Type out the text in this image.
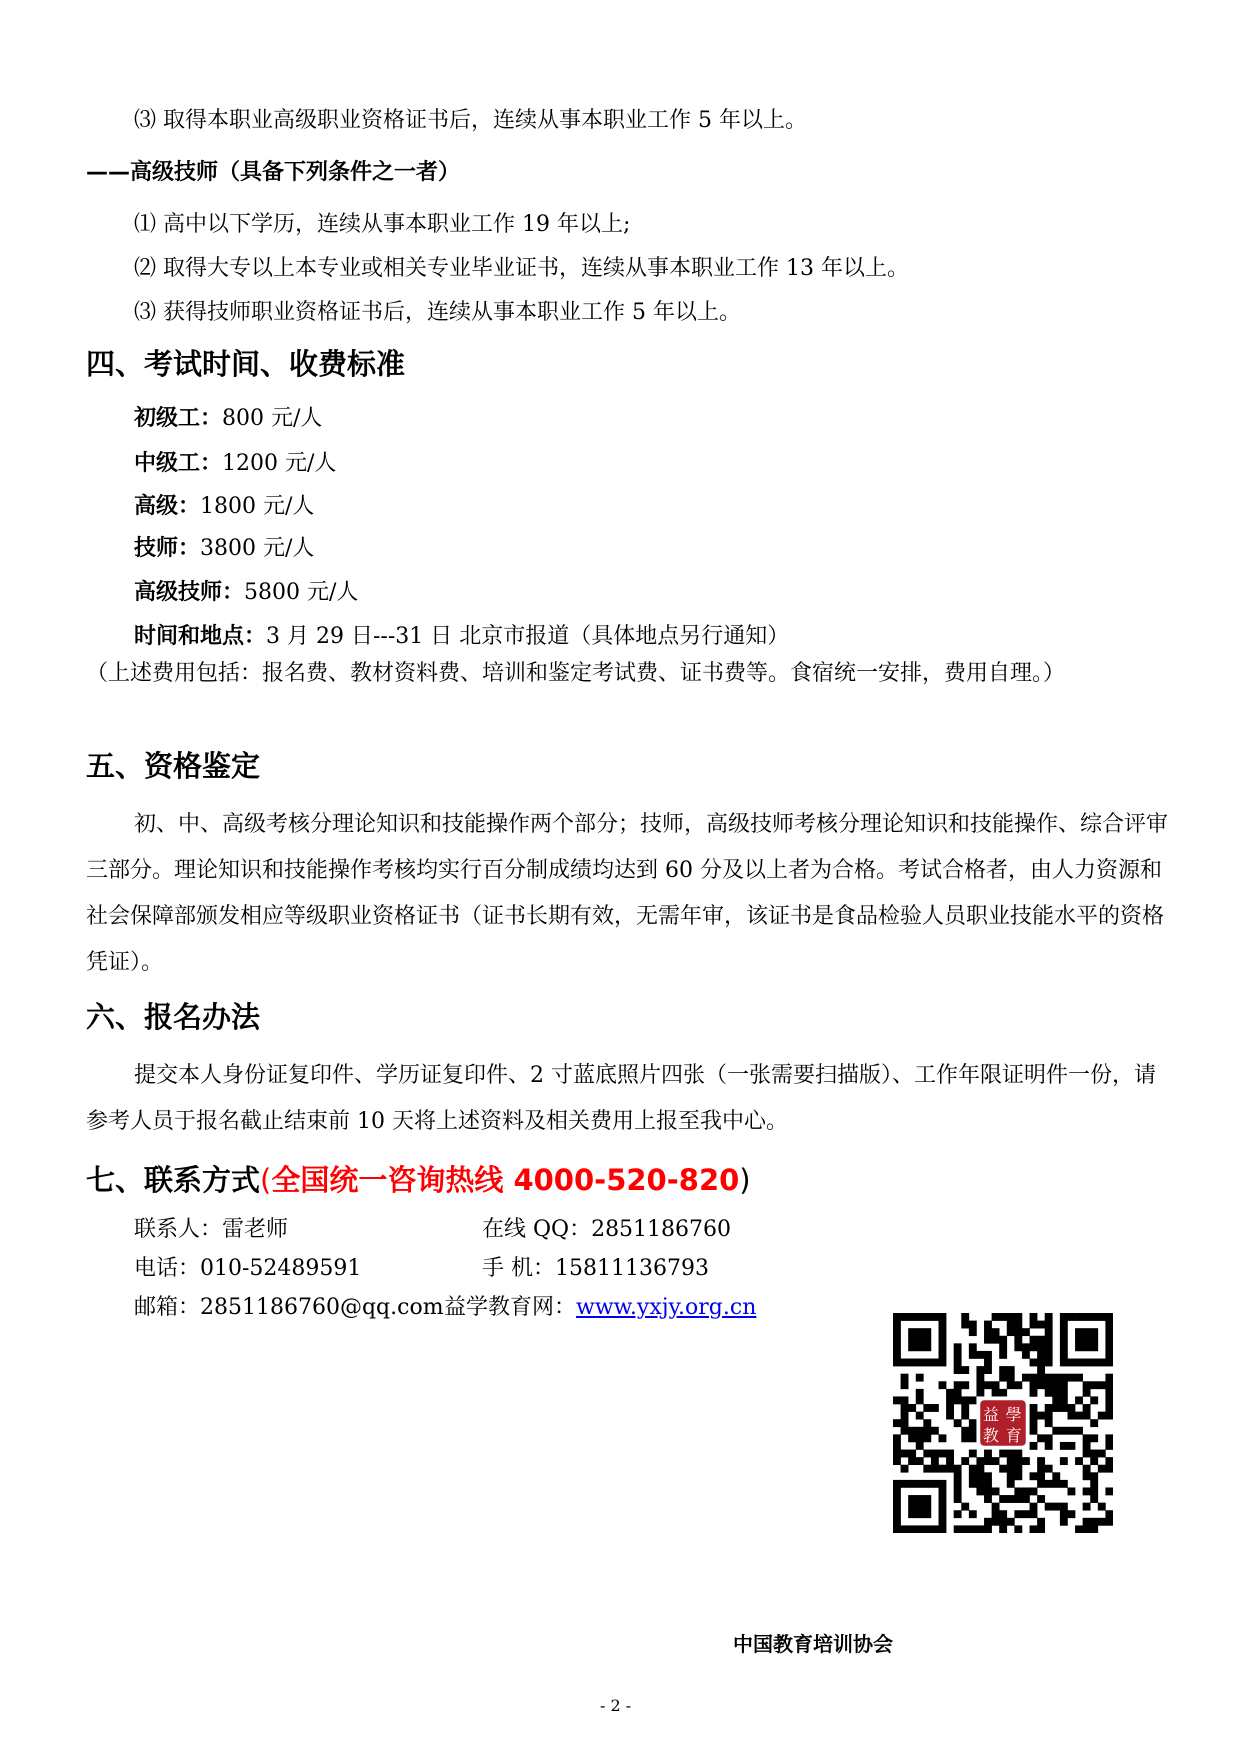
⑶ 取得本职业高级职业资格证书后，连续从事本职业工作 5 年以上。
——高级技师（具备下列条件之一者）
⑴ 高中以下学历，连续从事本职业工作 19 年以上;
⑵ 取得大专以上本专业或相关专业毕业证书，连续从事本职业工作 13 年以上。
⑶ 获得技师职业资格证书后，连续从事本职业工作 5 年以上。
四、考试时间、收费标准
初级工：800 元/人
中级工：1200 元/人
高级：1800 元/人
技师：3800 元/人
高级技师：5800 元/人
时间和地点：3 月 29 日---31 日 北京市报道（具体地点另行通知）
（上述费用包括：报名费、教材资料费、培训和鉴定考试费、证书费等。食宿统一安排，费用自理。）
五、资格鉴定
初、中、高级考核分理论知识和技能操作两个部分；技师，高级技师考核分理论知识和技能操作、综合评审三部分。理论知识和技能操作考核均实行百分制成绩均达到 60 分及以上者为合格。考试合格者，由人力资源和社会保障部颁发相应等级职业资格证书（证书长期有效，无需年审，该证书是食品检验人员职业技能水平的资格凭证）。
六、报名办法
提交本人身份证复印件、学历证复印件、2 寸蓝底照片四张（一张需要扫描版）、工作年限证明件一份，请参考人员于报名截止结束前 10 天将上述资料及相关费用上报至我中心。
七、联系方式(全国统一咨询热线 4000-520-820)
联系人：雷老师	在线 QQ：2851186760
电话：010-52489591	手 机：15811136793
邮箱：2851186760@qq.com 益学教育网：www.yxjy.org.cn
益 學
教 育
中国教育培训协会
- 2 -
